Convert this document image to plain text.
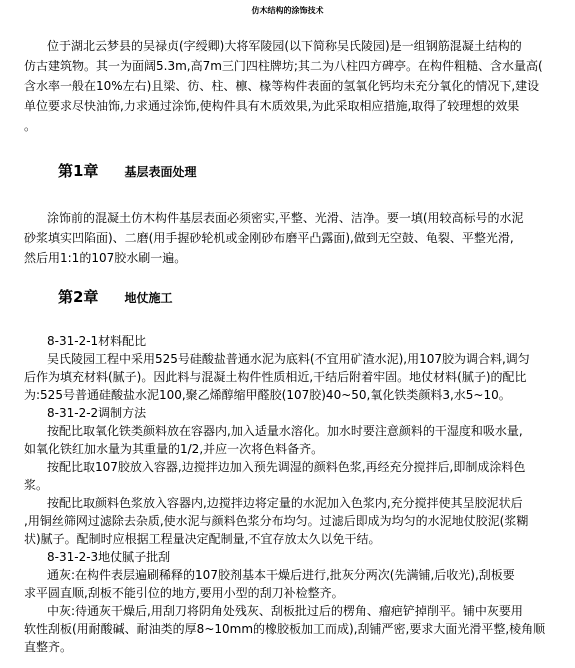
仿木结构的涂饰技术
位于湖北云梦县的吴禄贞(字绶卿)大将军陵园(以下简称吴氏陵园)是一组钢筋混凝土结构的
仿古建筑物。其一为面阔5.3m,高7m三门四柱牌坊;其二为八柱四方碑亭。在构件粗糙、含水量高(
含水率一般在10%左右)且梁、彷、柱、檩、椽等构件表面的氢氧化钙均未充分氧化的情况下,建设
单位要求尽快油饰,力求通过涂饰,使构件具有木质效果,为此采取相应措施,取得了较理想的效果
。
第1章 基层表面处理
涂饰前的混凝土仿木构件基层表面必须密实,平整、光滑、洁净。要一填(用较高标号的水泥
砂浆填实凹陷面)、二磨(用手握砂轮机或金刚砂布磨平凸露面),做到无空鼓、龟裂、平整光滑,
然后用1:1的107胶水刷一遍。
第2章 地仗施工
8-31-2-1材料配比
吴氏陵园工程中采用525号硅酸盐普通水泥为底料(不宜用矿渣水泥),用107胶为调合料,调匀
后作为填充材料(腻子)。因此料与混凝土构件性质相近,干结后附着牢固。地仗材料(腻子)的配比
为:525号普通硅酸盐水泥100,聚乙烯醇缩甲醛胶(107胶)40~50,氧化铁类颜料3,水5~10。
8-31-2-2调制方法
按配比取氧化铁类颜料放在容器内,加入适量水溶化。加水时要注意颜料的干湿度和吸水量,
如氧化铁红加水量为其重量的1/2,并应一次将色料备齐。
按配比取107胶放入容器,边搅拌边加入预先调湿的颜料色浆,再经充分搅拌后,即制成涂料色
浆。
按配比取颜料色浆放入容器内,边搅拌边将定量的水泥加入色浆内,充分搅拌使其呈胶泥状后
,用铜丝筛网过滤除去杂质,使水泥与颜料色浆分布均匀。过滤后即成为均匀的水泥地仗胶泥(浆糊
状)腻子。配制时应根据工程量决定配制量,不宜存放太久以免干结。
8-31-2-3地仗腻子批刮
通灰:在构件表层遍刷稀释的107胶剂基本干燥后进行,批灰分两次(先满铺,后收光),刮板要
求平圆直顺,刮板不能引位的地方,要用小型的刮刀补检整齐。
中灰:待通灰干燥后,用刮刀将阴角处残灰、刮板批过后的楞角、瘤疤铲掉削平。铺中灰要用
软性刮板(用耐酸碱、耐油类的厚8~10mm的橡胶板加工而成),刮铺严密,要求大面光滑平整,棱角顺
直整齐。
